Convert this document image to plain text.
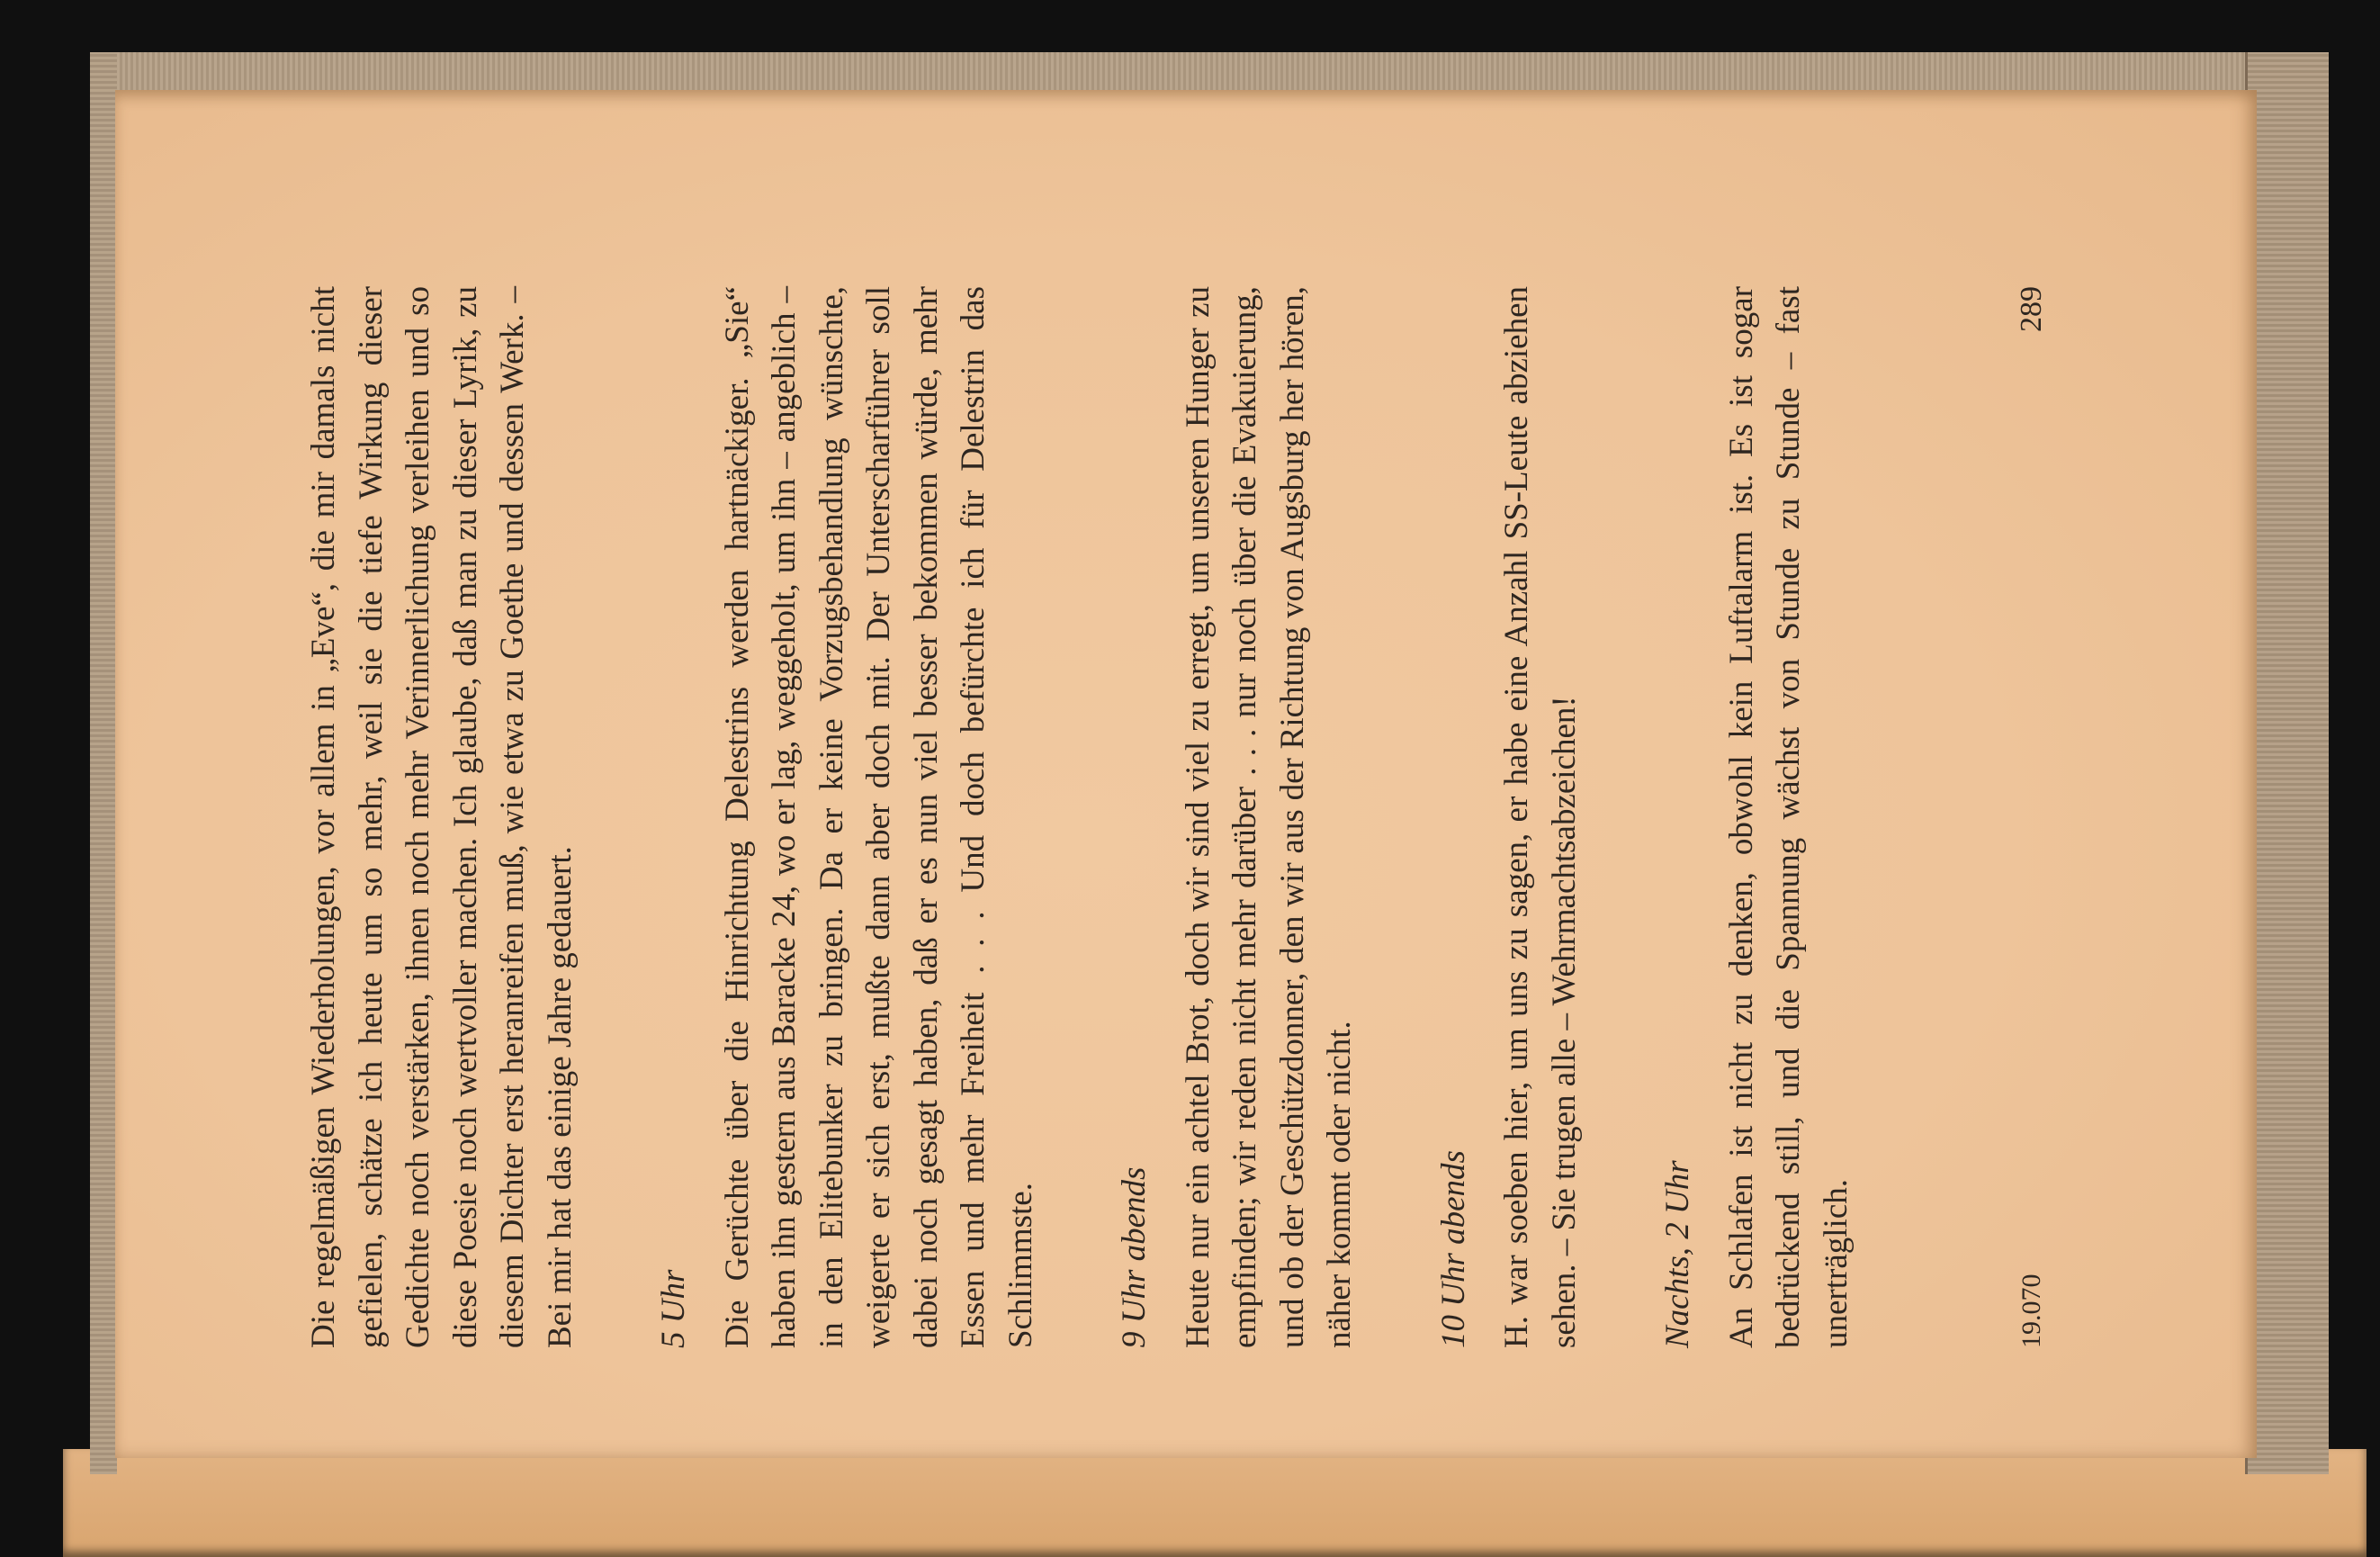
Die regelmäßigen Wiederholungen, vor allem in „Eve“, die mir damals nicht gefielen, schätze ich heute um so mehr, weil sie die tiefe Wirkung dieser Gedichte noch verstärken, ihnen noch mehr Verinnerlichung verleihen und so diese Poesie noch wertvoller machen. Ich glaube, daß man zu dieser Lyrik, zu diesem Dichter erst heranreifen muß, wie etwa zu Goethe und dessen Werk. – Bei mir hat das einige Jahre gedauert. 5 Uhr Die Gerüchte über die Hinrichtung Delestrins werden hartnäckiger. „Sie“ haben ihn gestern aus Baracke 24, wo er lag, weggeholt, um ihn – angeblich – in den Elitebunker zu bringen. Da er keine Vorzugsbehandlung wünschte, weigerte er sich erst, mußte dann aber doch mit. Der Unterscharführer soll dabei noch gesagt haben, daß er es nun viel besser bekommen würde, mehr Essen und mehr Freiheit . . . Und doch befürchte ich für Delestrin das Schlimmste. 9 Uhr abends Heute nur ein achtel Brot, doch wir sind viel zu erregt, um unseren Hunger zu empfinden; wir reden nicht mehr darüber . . . nur noch über die Evakuierung, und ob der Geschützdonner, den wir aus der Richtung von Augsburg her hören, näher kommt oder nicht. 10 Uhr abends H. war soeben hier, um uns zu sagen, er habe eine Anzahl SS-Leute abziehen sehen. – Sie trugen alle – Wehrmachtsabzeichen! Nachts, 2 Uhr An Schlafen ist nicht zu denken, obwohl kein Luftalarm ist. Es ist sogar bedrückend still, und die Spannung wächst von Stunde zu Stunde – fast unerträglich.	19.070
289
